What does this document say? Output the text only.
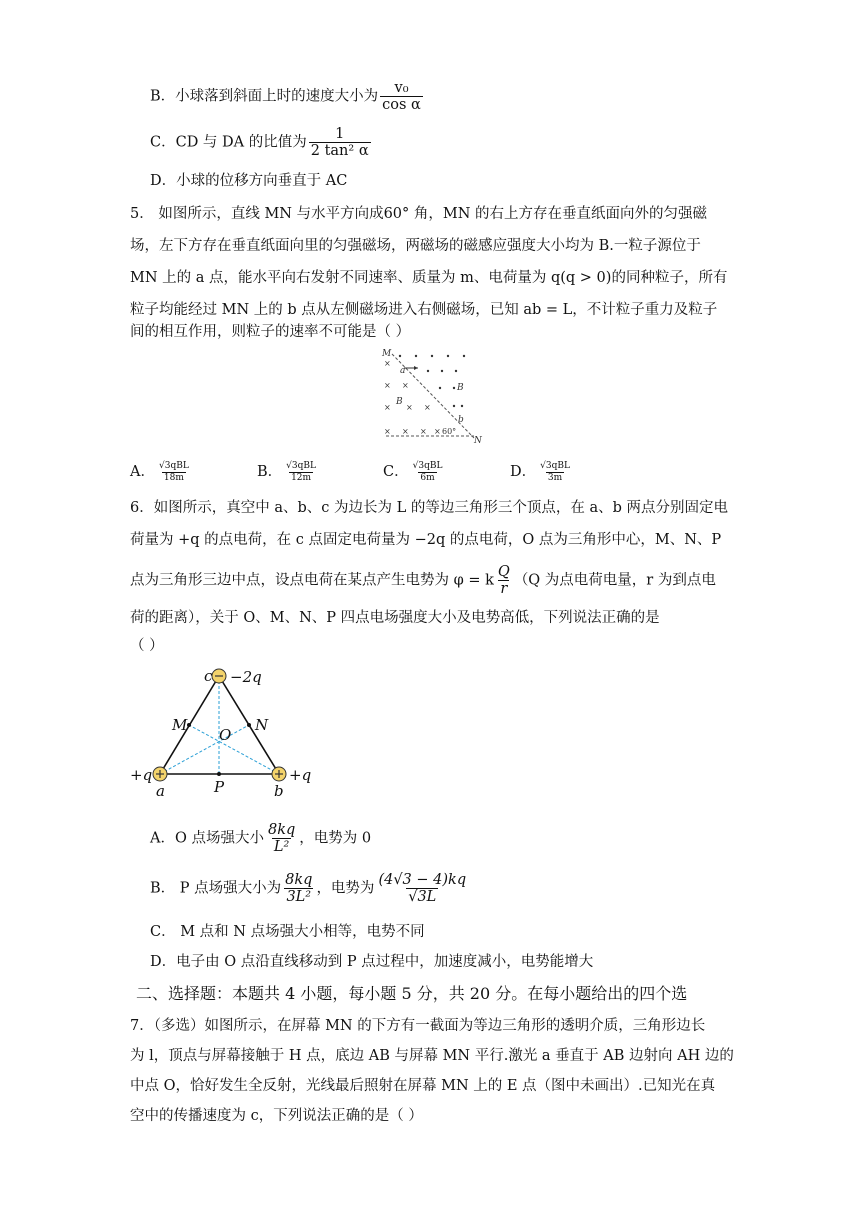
B．小球落到斜面上时的速度大小为 $\frac{\text{v₀}}{\text{cos α}}$
C．CD 与 DA 的比值为 $\frac{1}{\text{2 tan² α}}$
D．小球的位移方向垂直于 AC
5． 如图所示，直线 MN 与水平方向成60° 角，MN 的右上方存在垂直纸面向外的匀强磁
场，左下方存在垂直纸面向里的匀强磁场，两磁场的磁感应强度大小均为 B.一粒子源位于
MN 上的 a 点，能水平向右发射不同速率、质量为 m、电荷量为 q(q > 0)的同种粒子，所有
粒子均能经过 MN 上的 b 点从左侧磁场进入右侧磁场，已知 ab = L，不计粒子重力及粒子
间的相互作用，则粒子的速率不可能是（ ）
M
N
a
b
B
B
60°
×
× ×
× × ×
× × × ×
A． $\frac{\text{√3qBL}}{18m}$	B． $\frac{\text{√3qBL}}{12m}$	C． $\frac{\text{√3qBL}}{6m}$	D． $\frac{\text{√3qBL}}{3m}$
6．如图所示，真空中 a、b、c 为边长为 L 的等边三角形三个顶点，在 a、b 两点分别固定电
荷量为 +q 的点电荷，在 c 点固定电荷量为 −2q 的点电荷，O 点为三角形中心，M、N、P
点为三角形三边中点，设点电荷在某点产生电势为 φ = k $\frac{Q}{r} (Q$ 为点电荷电量，r 为到点电
荷的距离），关于 O、M、N、P 四点电场强度大小及电势高低，下列说法正确的是
（ ）
c −2q
M	N
O
P
a	b
+q	+q
A．O 点场强大小 $\frac{8kq}{\text{L²}}$ ，电势为 0
B． P 点场强大小为 $\frac{8kq}{\text{3L²}}$ ，电势为 $\frac{(4√3 - 4)kq}{√3L}$
C． M 点和 N 点场强大小相等，电势不同
D．电子由 O 点沿直线移动到 P 点过程中，加速度减小，电势能增大
二、选择题：本题共 4 小题，每小题 5 分，共 20 分。在每小题给出的四个选
7．（多选）如图所示，在屏幕 MN 的下方有一截面为等边三角形的透明介质，三角形边长
为 l，顶点与屏幕接触于 H 点，底边 AB 与屏幕 MN 平行.激光 a 垂直于 AB 边射向 AH 边的
中点 O，恰好发生全反射，光线最后照射在屏幕 MN 上的 E 点（图中未画出）.已知光在真
空中的传播速度为 c，下列说法正确的是（ ）
